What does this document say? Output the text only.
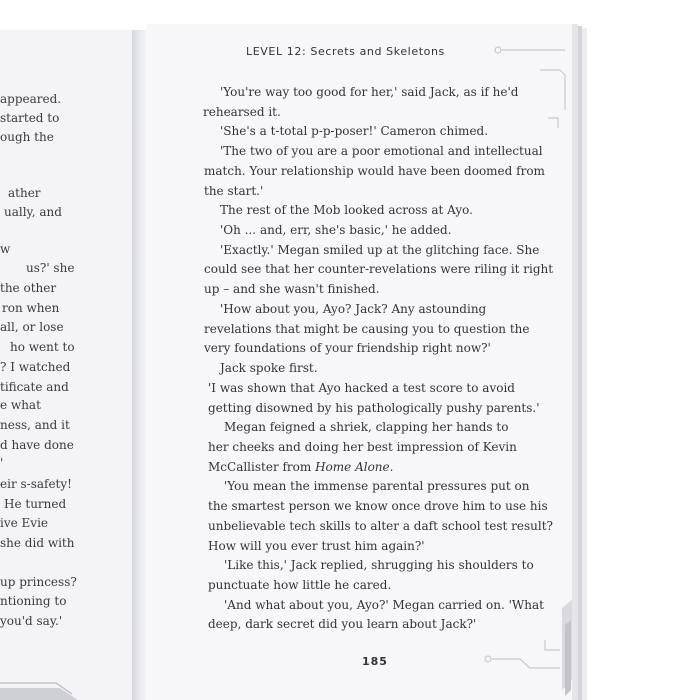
appeared.
started to
ough the
ather
ually, and
w
us?' she
the other
ron when
all, or lose
ho went to
? I watched
tificate and
e what
ness, and it
d have done
'
eir s-safety!
He turned
ive Evie
she did with
up princess?
ntioning to
you'd say.'
LEVEL 12: Secrets and Skeletons
'You're way too good for her,' said Jack, as if he'd
rehearsed it.
'She's a t-total p-p-poser!' Cameron chimed.
'The two of you are a poor emotional and intellectual
match. Your relationship would have been doomed from
the start.'
The rest of the Mob looked across at Ayo.
'Oh ... and, err, she's basic,' he added.
'Exactly.' Megan smiled up at the glitching face. She
could see that her counter-revelations were riling it right
up – and she wasn't finished.
'How about you, Ayo? Jack? Any astounding
revelations that might be causing you to question the
very foundations of your friendship right now?'
Jack spoke first.
'I was shown that Ayo hacked a test score to avoid
getting disowned by his pathologically pushy parents.'
Megan feigned a shriek, clapping her hands to
her cheeks and doing her best impression of Kevin
McCallister from Home Alone.
'You mean the immense parental pressures put on
the smartest person we know once drove him to use his
unbelievable tech skills to alter a daft school test result?
How will you ever trust him again?'
'Like this,' Jack replied, shrugging his shoulders to
punctuate how little he cared.
'And what about you, Ayo?' Megan carried on. 'What
deep, dark secret did you learn about Jack?'
185
